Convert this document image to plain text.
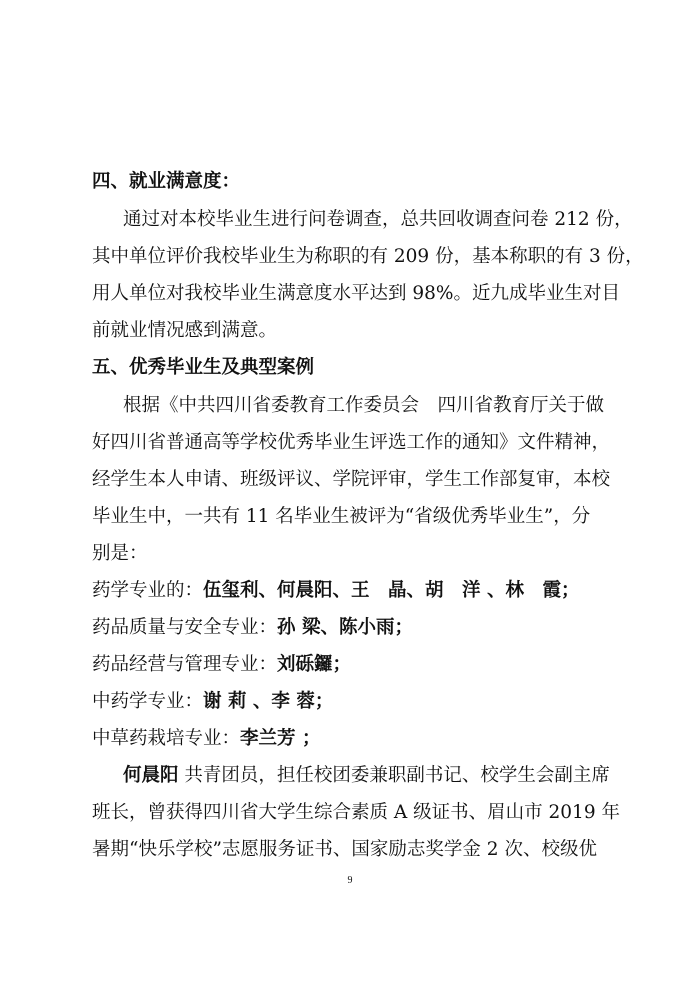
四、就业满意度：
通过对本校毕业生进行问卷调查，总共回收调查问卷 212 份，
其中单位评价我校毕业生为称职的有 209 份，基本称职的有 3 份，
用人单位对我校毕业生满意度水平达到 98%。近九成毕业生对目
前就业情况感到满意。
五、优秀毕业生及典型案例
根据《中共四川省委教育工作委员会　四川省教育厅关于做
好四川省普通高等学校优秀毕业生评选工作的通知》文件精神，
经学生本人申请、班级评议、学院评审，学生工作部复审，本校
毕业生中，一共有 11 名毕业生被评为“省级优秀毕业生”，分
别是：
药学专业的：伍玺利、何晨阳、王　晶、胡　洋 、林　霞；
药品质量与安全专业：孙 梁、陈小雨；
药品经营与管理专业：刘砾鑼；
中药学专业：谢 莉 、李 蓉；
中草药栽培专业：李兰芳 ；
何晨阳 共青团员，担任校团委兼职副书记、校学生会副主席
班长，曾获得四川省大学生综合素质 A 级证书、眉山市 2019 年
暑期“快乐学校”志愿服务证书、国家励志奖学金 2 次、校级优
9
